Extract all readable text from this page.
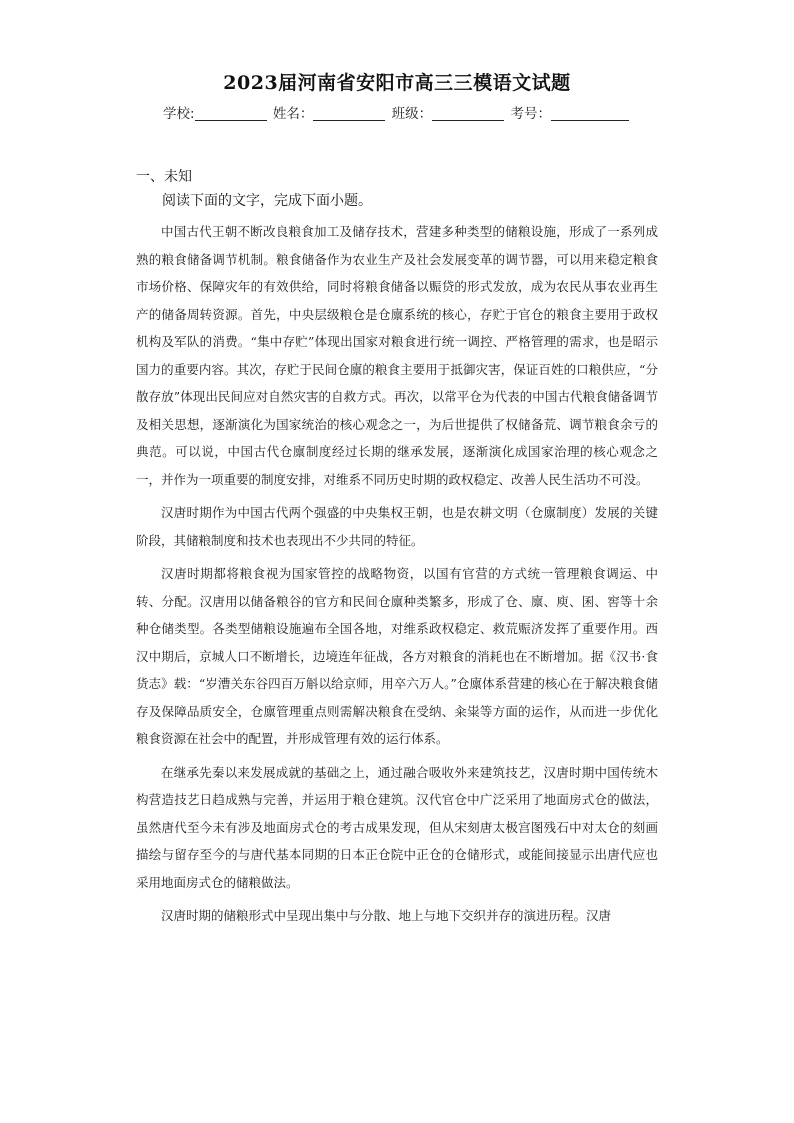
2023届河南省安阳市高三三模语文试题
学校:	姓名：	班级：	考号：
一、未知
阅读下面的文字，完成下面小题。

中国古代王朝不断改良粮食加工及储存技术，营建多种类型的储粮设施，形成了一系列成熟的粮食储备调节机制。粮食储备作为农业生产及社会发展变革的调节器，可以用来稳定粮食市场价格、保障灾年的有效供给，同时将粮食储备以赈贷的形式发放，成为农民从事农业再生产的储备周转资源。首先，中央层级粮仓是仓廪系统的核心，存贮于官仓的粮食主要用于政权机构及军队的消费。“集中存贮”体现出国家对粮食进行统一调控、严格管理的需求，也是昭示国力的重要内容。其次，存贮于民间仓廪的粮食主要用于抵御灾害，保证百姓的口粮供应，“分散存放”体现出民间应对自然灾害的自救方式。再次，以常平仓为代表的中国古代粮食储备调节及相关思想，逐渐演化为国家统治的核心观念之一，为后世提供了权储备荒、调节粮食余亏的典范。可以说，中国古代仓廪制度经过长期的继承发展，逐渐演化成国家治理的核心观念之一，并作为一项重要的制度安排，对维系不同历史时期的政权稳定、改善人民生活功不可没。

汉唐时期作为中国古代两个强盛的中央集权王朝，也是农耕文明（仓廪制度）发展的关键阶段，其储粮制度和技术也表现出不少共同的特征。

汉唐时期都将粮食视为国家管控的战略物资，以国有官营的方式统一管理粮食调运、中转、分配。汉唐用以储备粮谷的官方和民间仓廪种类繁多，形成了仓、廪、庾、囷、窖等十余种仓储类型。各类型储粮设施遍布全国各地，对维系政权稳定、救荒赈济发挥了重要作用。西汉中期后，京城人口不断增长，边境连年征战，各方对粮食的消耗也在不断增加。据《汉书·食货志》载：“岁漕关东谷四百万斛以给京师，用卒六万人。”仓廪体系营建的核心在于解决粮食储存及保障品质安全，仓廪管理重点则需解决粮食在受纳、籴粜等方面的运作，从而进一步优化粮食资源在社会中的配置，并形成管理有效的运行体系。

在继承先秦以来发展成就的基础之上，通过融合吸收外来建筑技艺，汉唐时期中国传统木构营造技艺日趋成熟与完善，并运用于粮仓建筑。汉代官仓中广泛采用了地面房式仓的做法，虽然唐代至今未有涉及地面房式仓的考古成果发现，但从宋刻唐太极宫图残石中对太仓的刻画描绘与留存至今的与唐代基本同期的日本正仓院中正仓的仓储形式，或能间接显示出唐代应也采用地面房式仓的储粮做法。

汉唐时期的储粮形式中呈现出集中与分散、地上与地下交织并存的演进历程。汉唐
